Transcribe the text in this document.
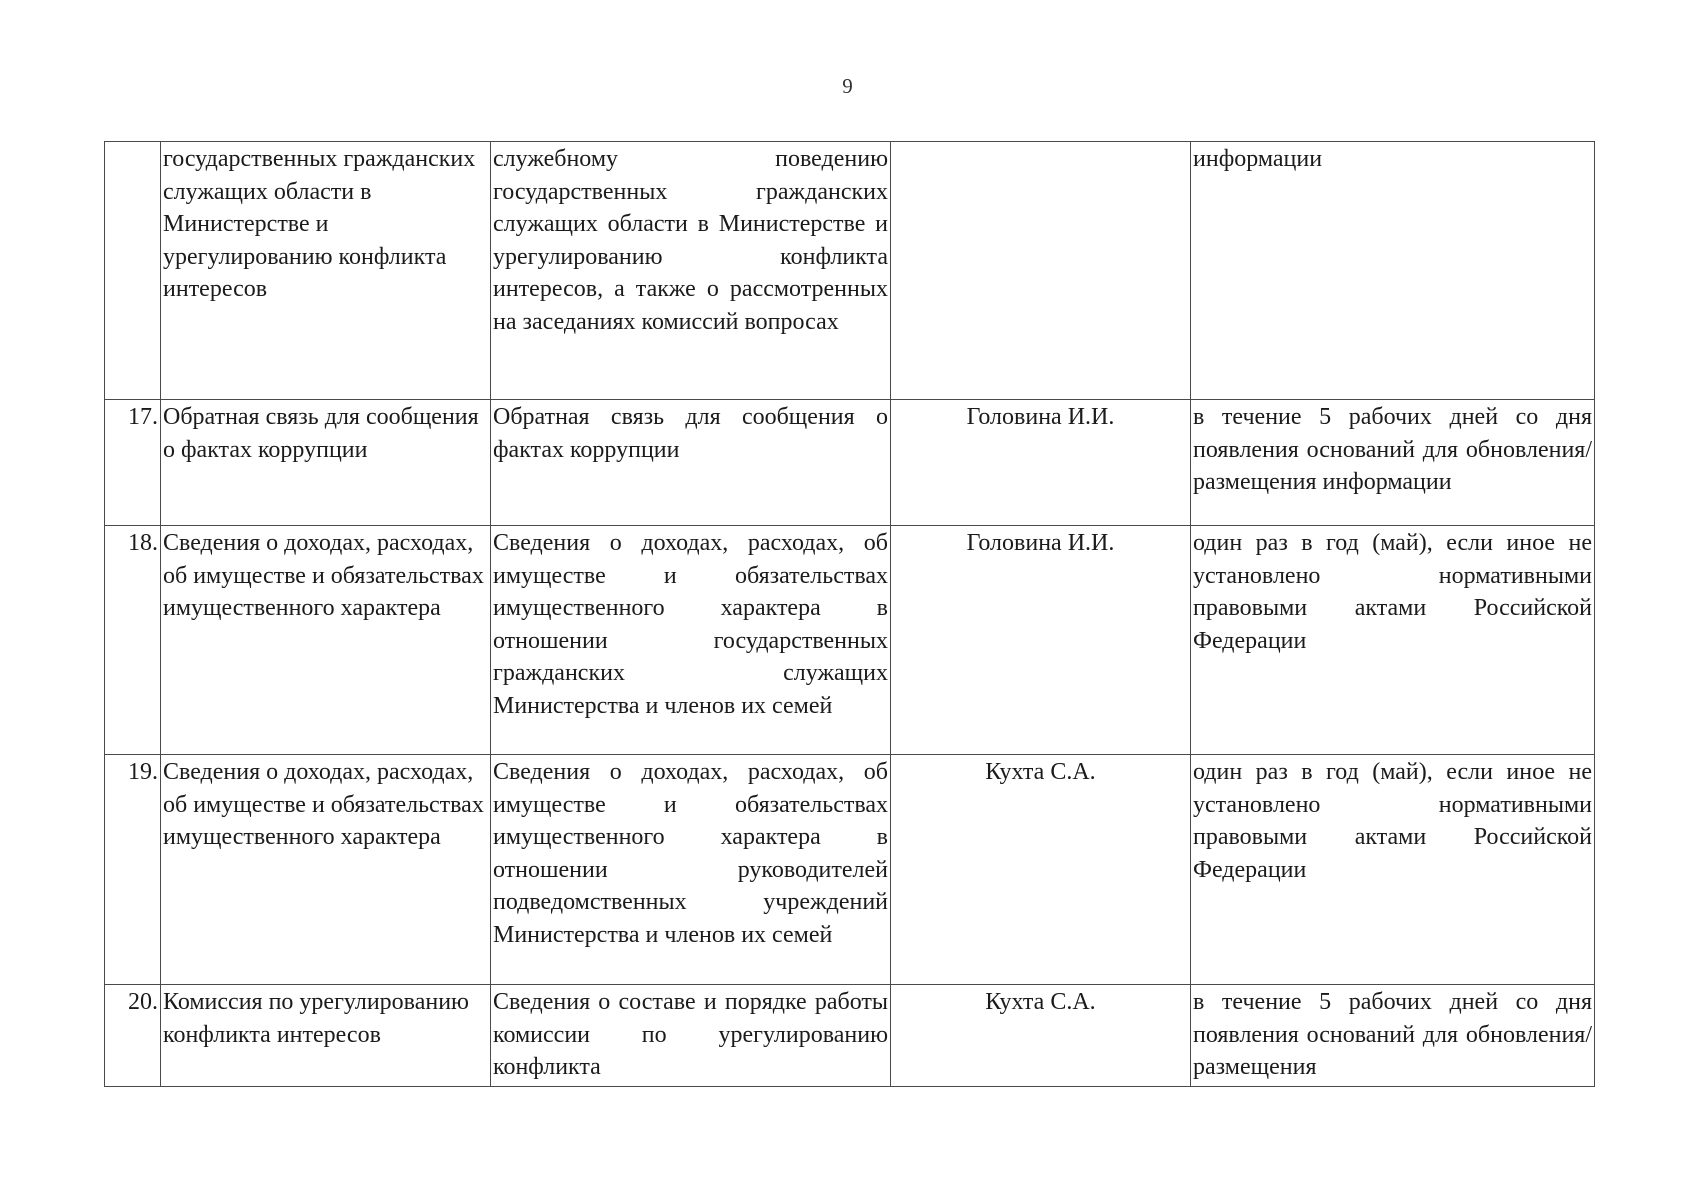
9
	государственных гражданских служащих области в Министерстве и урегулированию конфликта интересов	служебному поведению государственных гражданских служащих области в Министерстве и урегулированию конфликта интересов, а также о рассмотренных на заседаниях комиссий вопросах		информации
17.	Обратная связь для сообщения о фактах коррупции	Обратная связь для сообщения о фактах коррупции	Головина И.И.	в течение 5 рабочих дней со дня появления оснований для обновления/размещения информации
18.	Сведения о доходах, расходах, об имуществе и обязательствах имущественного характера	Сведения о доходах, расходах, об имуществе и обязательствах имущественного характера в отношении государственных гражданских служащих Министерства и членов их семей	Головина И.И.	один раз в год (май), если иное не установлено нормативными правовыми актами Российской Федерации
19.	Сведения о доходах, расходах, об имуществе и обязательствах имущественного характера	Сведения о доходах, расходах, об имуществе и обязательствах имущественного характера в отношении руководителей подведомственных учреждений Министерства и членов их семей	Кухта С.А.	один раз в год (май), если иное не установлено нормативными правовыми актами Российской Федерации
20.	Комиссия по урегулированию конфликта интересов	Сведения о составе и порядке работы комиссии по урегулированию конфликта	Кухта С.А.	в течение 5 рабочих дней со дня появления оснований для обновления/размещения
